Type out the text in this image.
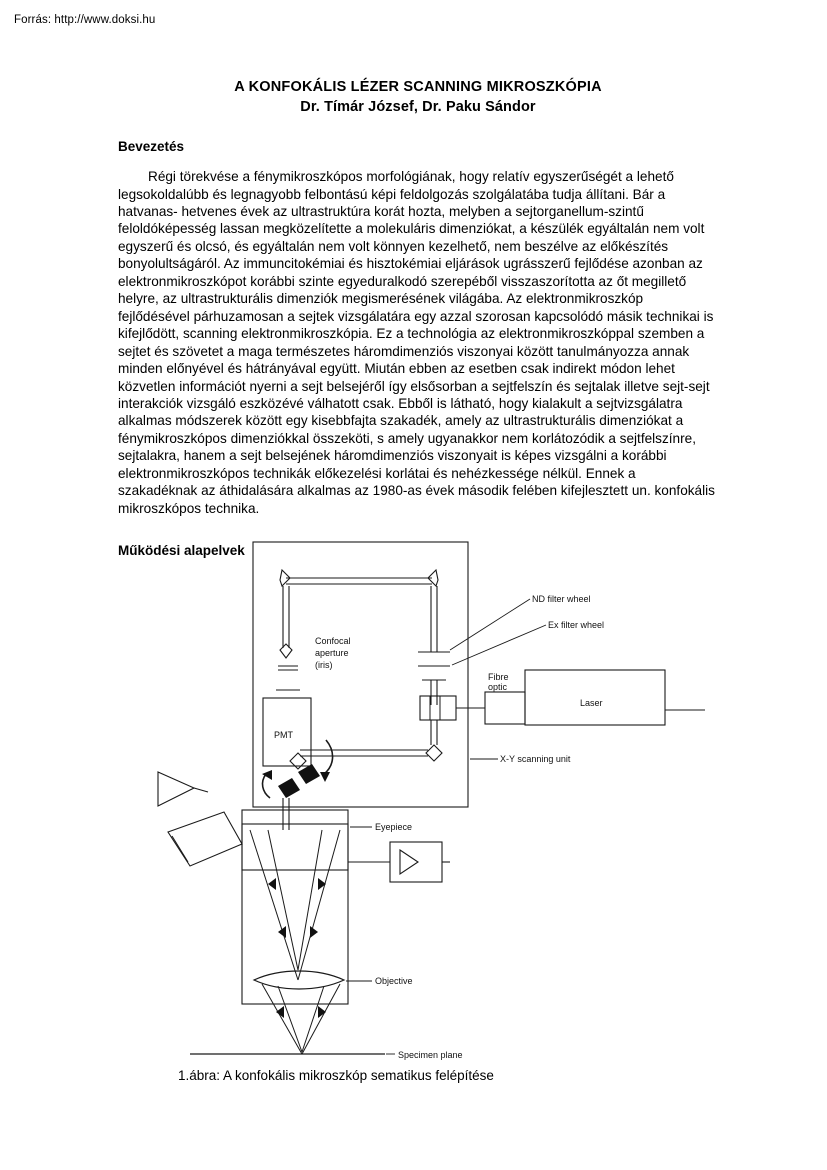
Forrás: http://www.doksi.hu
A KONFOKÁLIS LÉZER SCANNING MIKROSZKÓPIA
Dr. Tímár József, Dr. Paku Sándor
Bevezetés
Régi törekvése a fénymikroszkópos morfológiának, hogy relatív egyszerűségét a lehető legsokoldalúbb és legnagyobb felbontású képi feldolgozás szolgálatába tudja állítani. Bár a hatvanas- hetvenes évek az ultrastruktúra korát hozta, melyben a sejtorganellum-szintű feloldóképesség lassan megközelítette a molekuláris dimenziókat, a készülék egyáltalán nem volt egyszerű és olcsó, és egyáltalán nem volt könnyen kezelhető, nem beszélve az előkészítés bonyolultságáról. Az immuncitokémiai és hisztokémiai eljárások ugrásszerű fejlődése azonban az elektronmikroszkópot korábbi szinte egyeduralkodó szerepéből visszaszorította az őt megillető helyre, az ultrastrukturális dimenziók megismerésének világába. Az elektronmikroszkóp fejlődésével párhuzamosan a sejtek vizsgálatára egy azzal szorosan kapcsolódó másik technikai is kifejlődött, scanning elektronmikroszkópia. Ez a technológia az elektronmikroszkóppal szemben a sejtet és szövetet a maga természetes háromdimenziós viszonyai között tanulmányozza annak minden előnyével és hátrányával együtt. Miután ebben az esetben csak indirekt módon lehet közvetlen információt nyerni a sejt belsejéről így elsősorban a sejtfelszín és sejtalak illetve sejt-sejt interakciók vizsgáló eszközévé válhatott csak. Ebből is látható, hogy kialakult a sejtvizsgálatra alkalmas módszerek között egy kisebbfajta szakadék, amely az ultrastrukturális dimenziókat a fénymikroszkópos dimenziókkal összeköti, s amely ugyanakkor nem korlátozódik a sejtfelszínre, sejtalakra, hanem a sejt belsejének háromdimenziós viszonyait is képes vizsgálni a korábbi elektronmikroszkópos technikák előkezelési korlátai és nehézkessége nélkül. Ennek a szakadéknak az áthidalására alkalmas az 1980-as évek második felében kifejlesztett un. konfokális mikroszkópos technika.
Működési alapelvek
Confocal
aperture
(iris)
PMT
Fibre
optic
Laser
ND filter wheel
Ex filter wheel
X-Y scanning unit
Eyepiece
Objective
Specimen plane
1.ábra: A konfokális mikroszkóp sematikus felépítése
